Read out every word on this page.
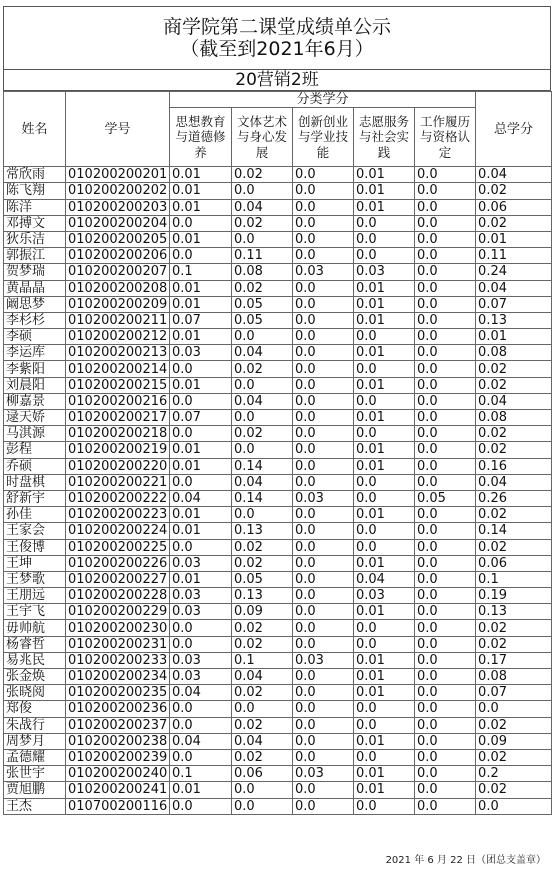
商学院第二课堂成绩单公示
（截至到2021年6月）
20营销2班
姓名	学号	分类学分					总学分
		思想教育与道德修养	文体艺术与身心发展	创新创业与学业技能	志愿服务与社会实践	工作履历与资格认定	
常欣雨	010200200201	0.01	0.02	0.0	0.01	0.0	0.04
陈飞翔	010200200202	0.01	0.0	0.0	0.01	0.0	0.02
陈洋	010200200203	0.01	0.04	0.0	0.01	0.0	0.06
邓搏文	010200200204	0.0	0.02	0.0	0.0	0.0	0.02
狄乐洁	010200200205	0.01	0.0	0.0	0.0	0.0	0.01
郭振江	010200200206	0.0	0.11	0.0	0.0	0.0	0.11
贺梦瑞	010200200207	0.1	0.08	0.03	0.03	0.0	0.24
黄晶晶	010200200208	0.01	0.02	0.0	0.01	0.0	0.04
阚思梦	010200200209	0.01	0.05	0.0	0.01	0.0	0.07
李杉杉	010200200211	0.07	0.05	0.0	0.01	0.0	0.13
李硕	010200200212	0.01	0.0	0.0	0.0	0.0	0.01
李运库	010200200213	0.03	0.04	0.0	0.01	0.0	0.08
李紫阳	010200200214	0.0	0.02	0.0	0.0	0.0	0.02
刘晨阳	010200200215	0.01	0.0	0.0	0.01	0.0	0.02
柳嘉景	010200200216	0.0	0.04	0.0	0.0	0.0	0.04
逯天娇	010200200217	0.07	0.0	0.0	0.01	0.0	0.08
马淇源	010200200218	0.0	0.02	0.0	0.0	0.0	0.02
彭程	010200200219	0.01	0.0	0.0	0.01	0.0	0.02
乔硕	010200200220	0.01	0.14	0.0	0.01	0.0	0.16
时盘棋	010200200221	0.0	0.04	0.0	0.0	0.0	0.04
舒新宇	010200200222	0.04	0.14	0.03	0.0	0.05	0.26
孙佳	010200200223	0.01	0.0	0.0	0.01	0.0	0.02
王家会	010200200224	0.01	0.13	0.0	0.0	0.0	0.14
王俊博	010200200225	0.0	0.02	0.0	0.0	0.0	0.02
王坤	010200200226	0.03	0.02	0.0	0.01	0.0	0.06
王梦歌	010200200227	0.01	0.05	0.0	0.04	0.0	0.1
王朋远	010200200228	0.03	0.13	0.0	0.03	0.0	0.19
王宇飞	010200200229	0.03	0.09	0.0	0.01	0.0	0.13
毋帅航	010200200230	0.0	0.02	0.0	0.0	0.0	0.02
杨睿哲	010200200231	0.0	0.02	0.0	0.0	0.0	0.02
易兆民	010200200233	0.03	0.1	0.03	0.01	0.0	0.17
张金焕	010200200234	0.03	0.04	0.0	0.01	0.0	0.08
张晓阅	010200200235	0.04	0.02	0.0	0.01	0.0	0.07
郑俊	010200200236	0.0	0.0	0.0	0.0	0.0	0.0
朱战行	010200200237	0.0	0.02	0.0	0.0	0.0	0.02
周梦月	010200200238	0.04	0.04	0.0	0.01	0.0	0.09
孟德耀	010200200239	0.0	0.02	0.0	0.0	0.0	0.02
张世宇	010200200240	0.1	0.06	0.03	0.01	0.0	0.2
贾旭鹏	010200200241	0.01	0.0	0.0	0.01	0.0	0.02
王杰	010700200116	0.0	0.0	0.0	0.0	0.0	0.0
2021 年 6 月 22 日（团总支盖章）
